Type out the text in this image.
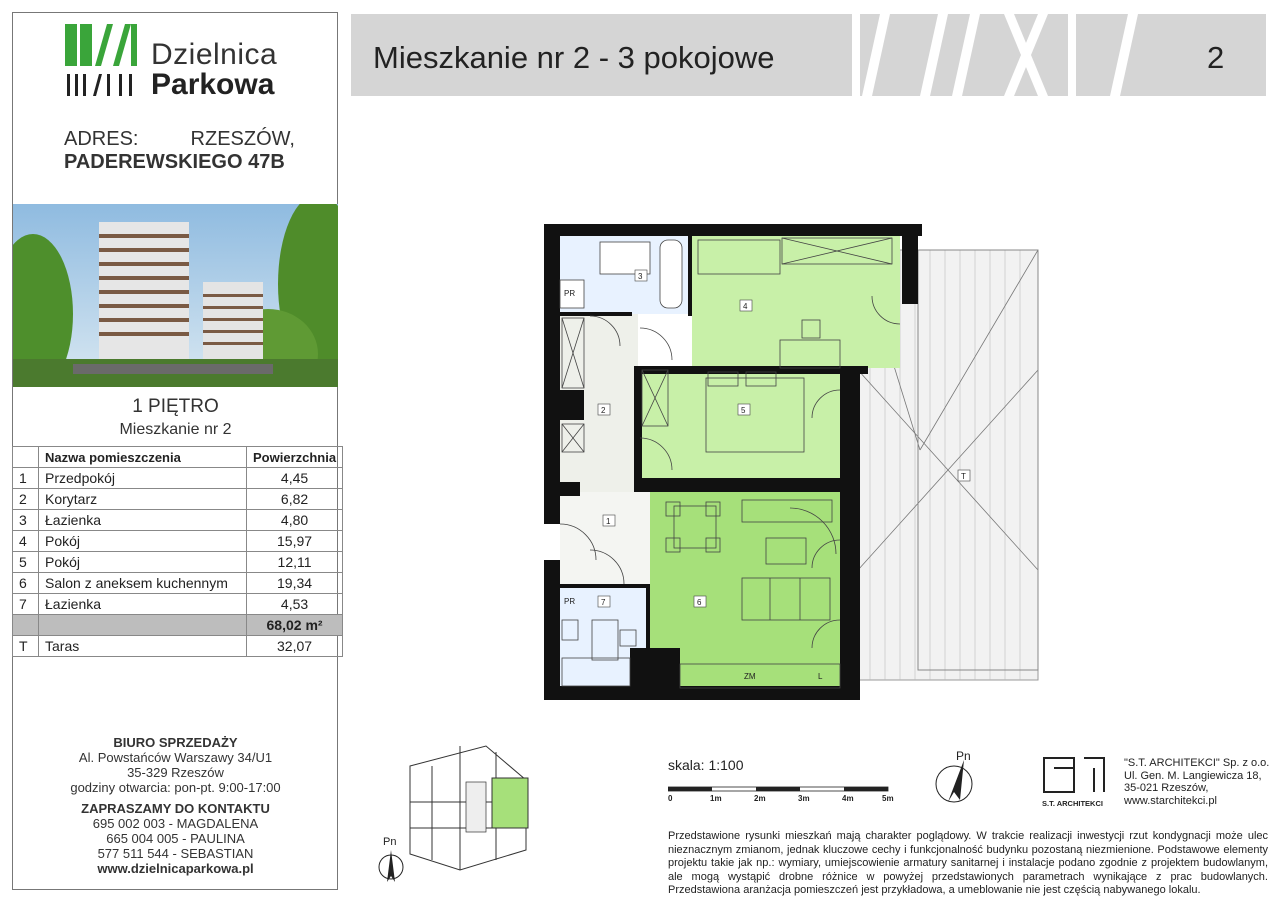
Dzielnica
Parkowa
ADRES:	RZESZÓW,
PADEREWSKIEGO 47B
1 PIĘTRO
Mieszkanie nr 2
	Nazwa pomieszczenia	Powierzchnia
1	Przedpokój	4,45
2	Korytarz	6,82
3	Łazienka	4,80
4	Pokój	15,97
5	Pokój	12,11
6	Salon z aneksem kuchennym	19,34
7	Łazienka	4,53
		68,02 m²
T	Taras	32,07
BIURO SPRZEDAŻY
Al. Powstańców Warszawy 34/U1
35-329 Rzeszów
godziny otwarcia: pon-pt. 9:00-17:00
ZAPRASZAMY DO KONTAKTU
695 002 003 - MAGDALENA
665 004 005 - PAULINA
577 511 544 - SEBASTIAN
www.dzielnicaparkowa.pl
Mieszkanie nr 2 - 3 pokojowe	2
3
4
5
2
1
6
7
T
PR
PR
ZM	L
Pn
skala: 1:100
0	1m	2m	3m	4m	5m
Pn
S.T. ARCHITEKCI
"S.T. ARCHITEKCI" Sp. z o.o.
Ul. Gen. M. Langiewicza 18,
35-021 Rzeszów,
www.starchitekci.pl
Przedstawione rysunki mieszkań mają charakter poglądowy. W trakcie realizacji inwestycji rzut kondygnacji może ulec nieznacznym zmianom, jednak kluczowe cechy i funkcjonalność budynku pozostaną niezmienione. Podstawowe elementy projektu takie jak np.: wymiary, umiejscowienie armatury sanitarnej i instalacje podano zgodnie z projektem budowlanym, ale mogą wystąpić drobne różnice w powyżej przedstawionych parametrach wynikające z prac budowlanych. Przedstawiona aranżacja pomieszczeń jest przykładowa, a umeblowanie nie jest częścią nabywanego lokalu.
